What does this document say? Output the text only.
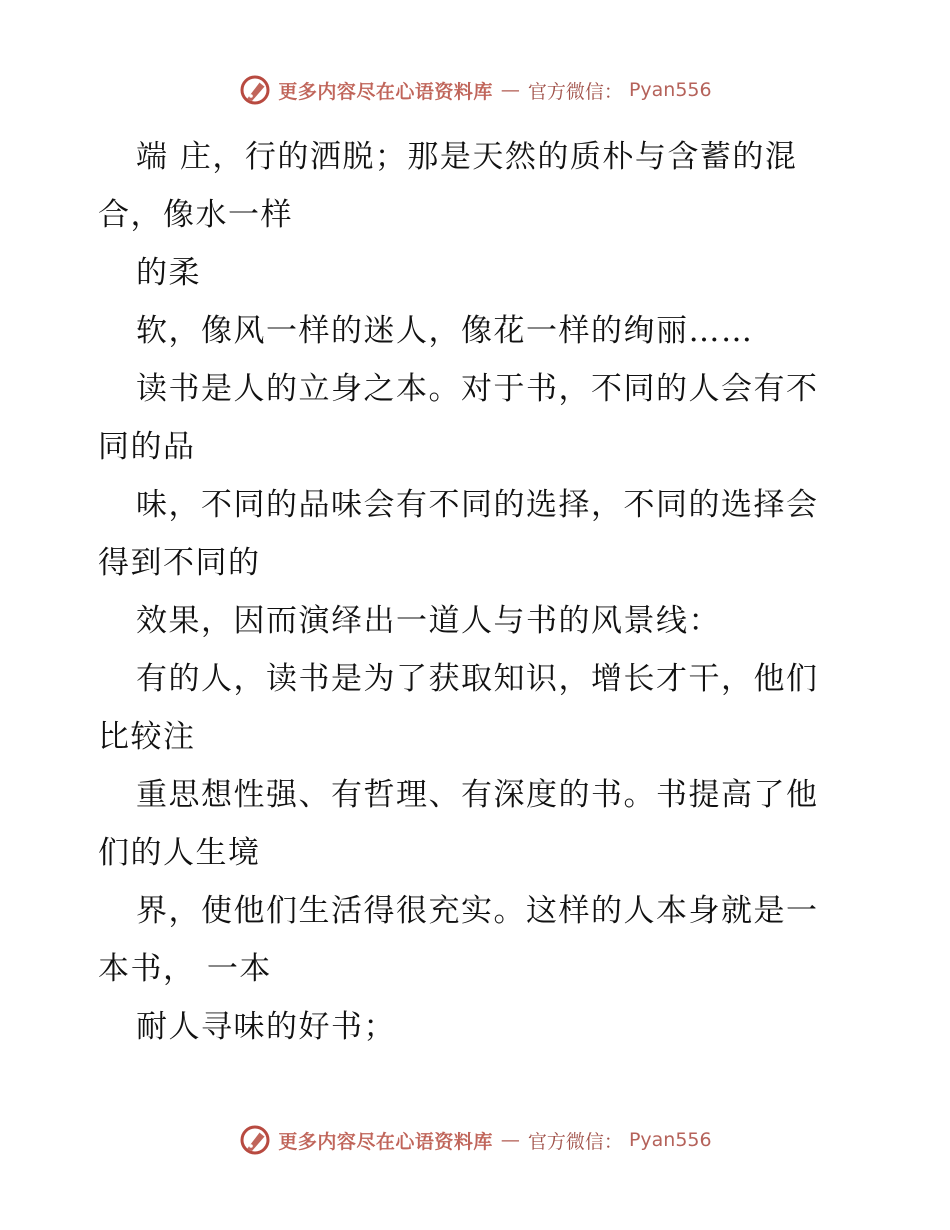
更多内容尽在心语资料库 — 官方微信： Pyan556
端 庄，行的洒脱；那是天然的质朴与含蓄的混
合，像水一样
的柔
软，像风一样的迷人，像花一样的绚丽……
读书是人的立身之本。对于书，不同的人会有不
同的品
味，不同的品味会有不同的选择，不同的选择会
得到不同的
效果，因而演绎出一道人与书的风景线：
有的人，读书是为了获取知识，增长才干，他们
比较注
重思想性强、有哲理、有深度的书。书提高了他
们的人生境
界，使他们生活得很充实。这样的人本身就是一
本书， 一本
耐人寻味的好书；
更多内容尽在心语资料库 — 官方微信： Pyan556
